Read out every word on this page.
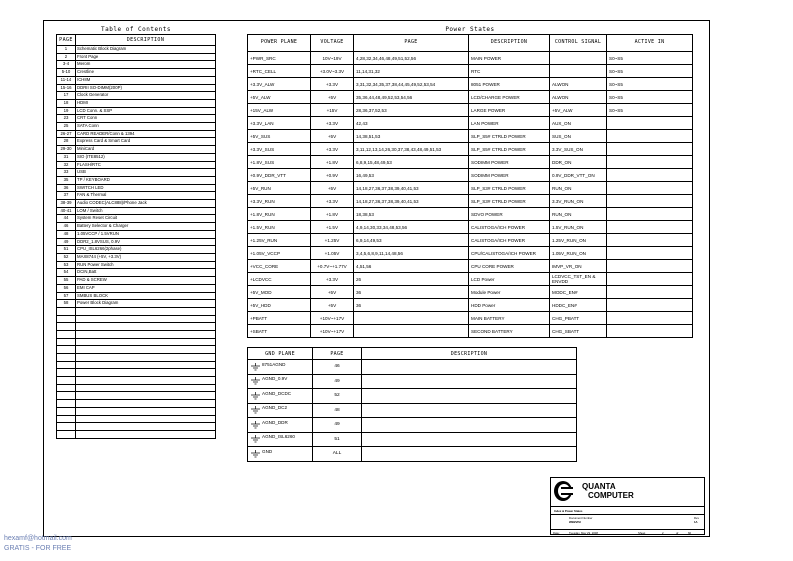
Table of Contents
PAGE	DESCRIPTION
1	Schematic Block Diagram
2	Front Page
3-4	Merom
5-10	Crestline
11-14	ICH8M
15-16	DDRII SO-DIMM(200P)
17	Clock Generator
18	HDMI
19	LCD Conn. & SSP
23	CRT Conn
25	SATA Conn
26-27	CARD READER/Conn & 1394
28	Express Card & Smart Card
29-30	MiniCard
31	SIO (ITE8512)
32	FLASH/RTC
33	USB
35	TP / KEYBOARD
36	SWITCH LED
37	FAN & Thermal
38-39	Audio CODEC(ALC888)/Phone Jack
40-41	LOM / Switch
44	System Reset Circuit
46	Battery Selector & Charger
48	1.05VCCP / 1.5VRUN
49	DDR2_1.8VSUS, 0.9V
51	CPU_ISL6266(2phase)
52	MAX8744 (+5V, +3.3V)
53	RUN Power Switch
54	DCIN,Batt
55	PAD & SCREW
56	EMI CAP
57	SMBUS BLOCK
58	Power Block Diagram

Power States
POWER PLANE	VOLTAGE	PAGE	DESCRIPTION	CONTROL SIGNAL	ACTIVE IN
+PWR_SRC	10V~19V	4,28,32,34,46,48,49,51,52,56	MAIN POWER		S0~S5
+RTC_CELL	+3.0V~3.3V	11,14,31,32	RTC		S0~S5
+3.3V_ALW	+3.3V	3,31,32,34,35,37,38,44,45,49,52,53,54	8051 POWER	ALWON	S0~S5
+5V_ALW	+5V	35,36,44,48,49,52,53,54,56	LCD/CHARGE POWER	ALWON	S0~S5
+15V_ALW	+15V	28,36,37,52,53	LARGE POWER	+5V_ALW	S0~S5
+3.3V_LAN	+3.3V	42,43	LAN POWER	AUX_ON	
+5V_SUS	+5V	14,38,51,53	SLP_S5# CTRLD POWER	SUS_ON	
+3.3V_SUS	+3.3V	3,11,12,13,14,26,30,37,38,43,48,49,51,53	SLP_S5# CTRLD POWER	3.3V_SUS_ON	
+1.8V_SUS	+1.8V	6,8,9,15,48,49,53	SODIMM POWER	DDR_ON	
+0.9V_DDR_VTT	+0.9V	16,49,53	SODIMM POWER	0.9V_DDR_VTT_ON	
+5V_RUN	+5V	14,18,27,36,37,38,39,40,41,53	SLP_S3# CTRLD POWER	RUN_ON	
+3.3V_RUN	+3.3V	14,18,27,36,37,38,39,40,41,53	SLP_S3# CTRLD POWER	3.3V_RUN_ON	
+1.8V_RUN	+1.8V	18,38,53	SDVO POWER	RUN_ON	
+1.5V_RUN	+1.5V	4,9,14,30,33,34,48,53,56	CALISTOGA/ICH POWER	1.5V_RUN_ON	
+1.25V_RUN	+1.25V	6,9,14,49,53	CALISTOGA/ICH POWER	1.25V_RUN_ON	
+1.05V_VCCP	+1.05V	3,4,5,6,8,9,11,14,48,56	CPU/CALISTOGA/ICH POWER	1.05V_RUN_ON	
+VCC_CORE	+0.7V~+1.77V	4,51,56	CPU CORE POWER	IMVP_VR_ON	
+LCDVCC	+3.3V	26	LCD Power	LCDVCC_TST_EN & ENVDD	
+5V_MOD	+5V	36	Module Power	MODC_EN#	
+5V_HDD	+5V	36	HDD Power	HDDC_EN#	
+PBATT	+10V~+17V		MAIN BATTERY	CHG_PBATT	
+SBATT	+10V~+17V		SECOND BATTERY	CHG_SBATT	
GND PLANE	PAGE	DESCRIPTION
8751AGND	46	
AGND_0.9V	49	
AGND_DCDC	52	
AGND_DC2	48	
AGND_DDR	49	
AGND_ISL6260	51	
GND	ALL	
QUANTA
COMPUTER
Index & Power States
Document Number
WEBVISI
Rev
1A
Date:	Tuesday, May 29, 2008	Sheet	2	of	60
hexamf@hotmail.com
GRATIS - FOR FREE
